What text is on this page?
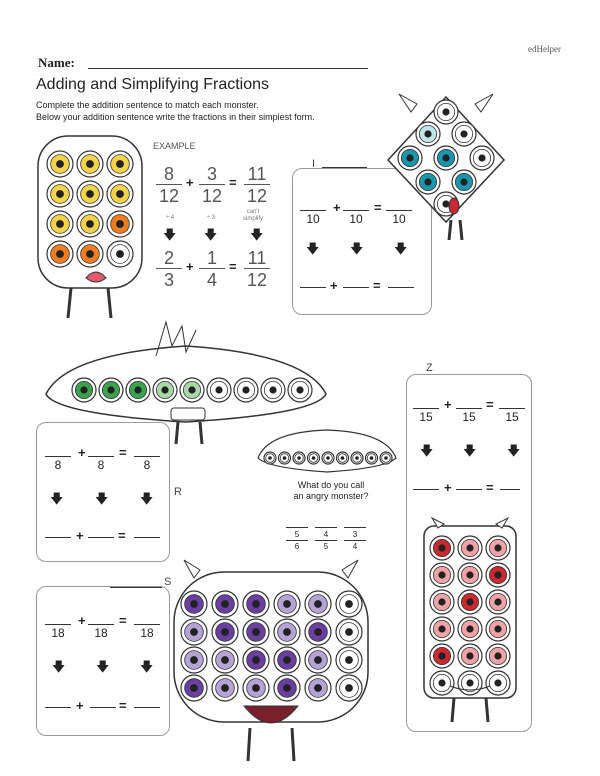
edHelper
Name:
Adding and Simplifying Fractions
Complete the addition sentence to match each monster.
Below your addition sentence write the fractions in their simplest form.
EXAMPLE
$\frac{8}{12} + \frac{3}{12} = \frac{11}{12}$
÷ 4	÷ 3
can't simplify
🡇 🡇	🡇
$\frac{2}{3} + \frac{1}{4} = \frac{11}{12}$
I
10
+
10
=
10
🡇 🡇 🡇
+	=
R
8
+
8
=
8
🡇 🡇 🡇
+	=
What do you call
an angry monster?
$\frac{5}{6} \frac{4}{5} \frac{3}{4}$
Z
15
+
15
=
15
🡇 🡇 🡇
+	=
S
18
+
18
=
18
🡇 🡇 🡇
+	=
